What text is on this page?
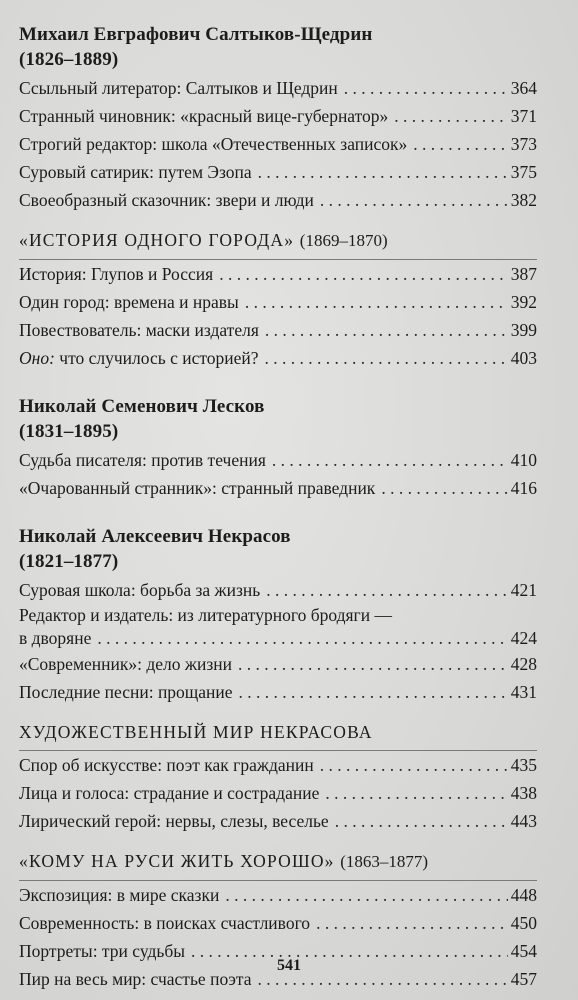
Михаил Евграфович Салтыков-Щедрин

(1826–1889)

Ссыльный литератор: Салтыков и Щедрин . . .	364
Странный чиновник: «красный вице-губернатор» . . .	371
Строгий редактор: школа «Отечественных записок» . . .	373
Суровый сатирик: путем Эзопа . . .	375
Своеобразный сказочник: звери и люди . . .	382

«ИСТОРИЯ ОДНОГО ГОРОДА» (1869–1870)

История: Глупов и Россия . . .	387
Один город: времена и нравы . . .	392
Повествователь: маски издателя . . .	399
Оно: что случилось с историей? . . .	403

Николай Семенович Лесков

(1831–1895)

Судьба писателя: против течения . . .	410
«Очарованный странник»: странный праведник . . .	416

Николай Алексеевич Некрасов

(1821–1877)

Суровая школа: борьба за жизнь . . .	421
Редактор и издатель: из литературного бродяги —
в дворяне . . .	424
«Современник»: дело жизни . . .	428
Последние песни: прощание . . .	431

ХУДОЖЕСТВЕННЫЙ МИР НЕКРАСОВА

Спор об искусстве: поэт как гражданин . . .	435
Лица и голоса: страдание и сострадание . . .	438
Лирический герой: нервы, слезы, веселье . . .	443

«КОМУ НА РУСИ ЖИТЬ ХОРОШО» (1863–1877)

Экспозиция: в мире сказки . . .	448
Современность: в поисках счастливого . . .	450
Портреты: три судьбы . . .	454
Пир на весь мир: счастье поэта . . .	457
541
